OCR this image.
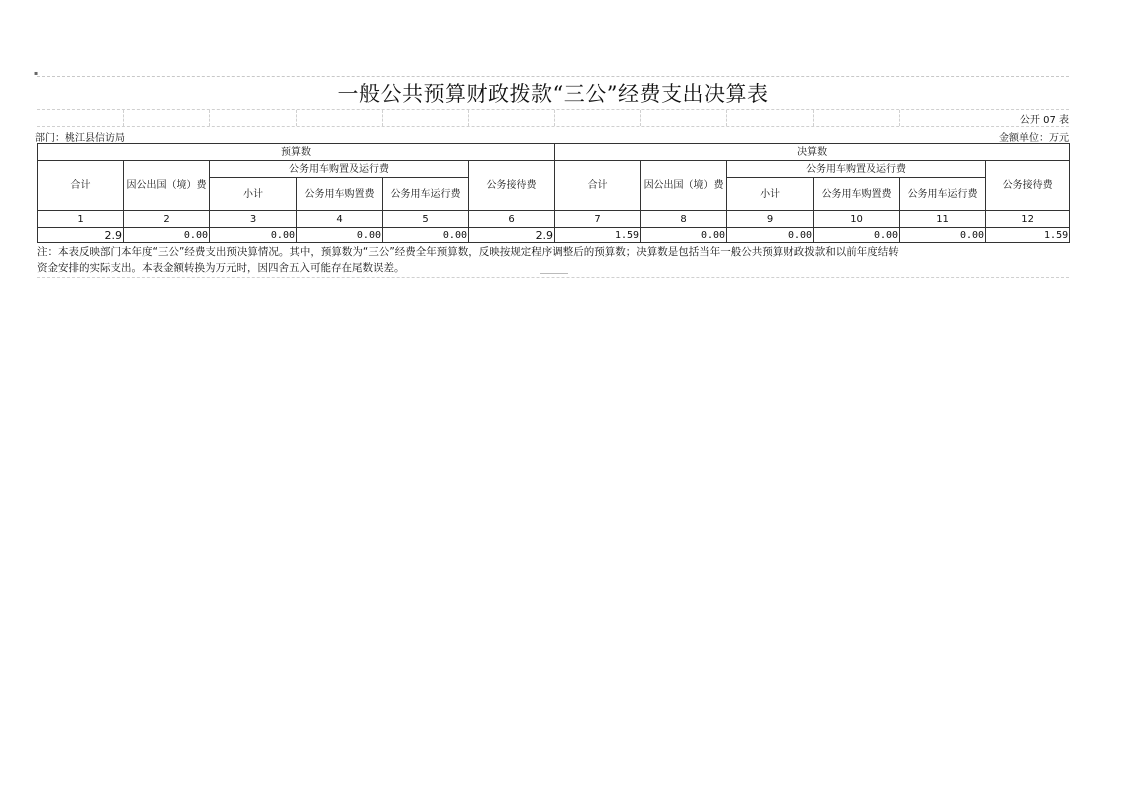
▪
一般公共预算财政拨款“三公”经费支出决算表
公开 07 表
部门：桃江县信访局	金额单位：万元
预算数						决算数					
合计	因公出国（境）费	公务用车购置及运行费			公务接待费	合计	因公出国（境）费	公务用车购置及运行费			公务接待费
		小计	公务用车购置费	公务用车运行费				小计	公务用车购置费	公务用车运行费	
1	2	3	4	5	6	7	8	9	10	11	12
2.9	0.00	0.00	0.00	0.00	2.9	1.59	0.00	0.00	0.00	0.00	1.59
注：本表反映部门本年度“三公”经费支出预决算情况。其中，预算数为“三公”经费全年预算数，反映按规定程序调整后的预算数；决算数是包括当年一般公共预算财政拨款和以前年度结转
资金安排的实际支出。本表金额转换为万元时，因四舍五入可能存在尾数误差。
